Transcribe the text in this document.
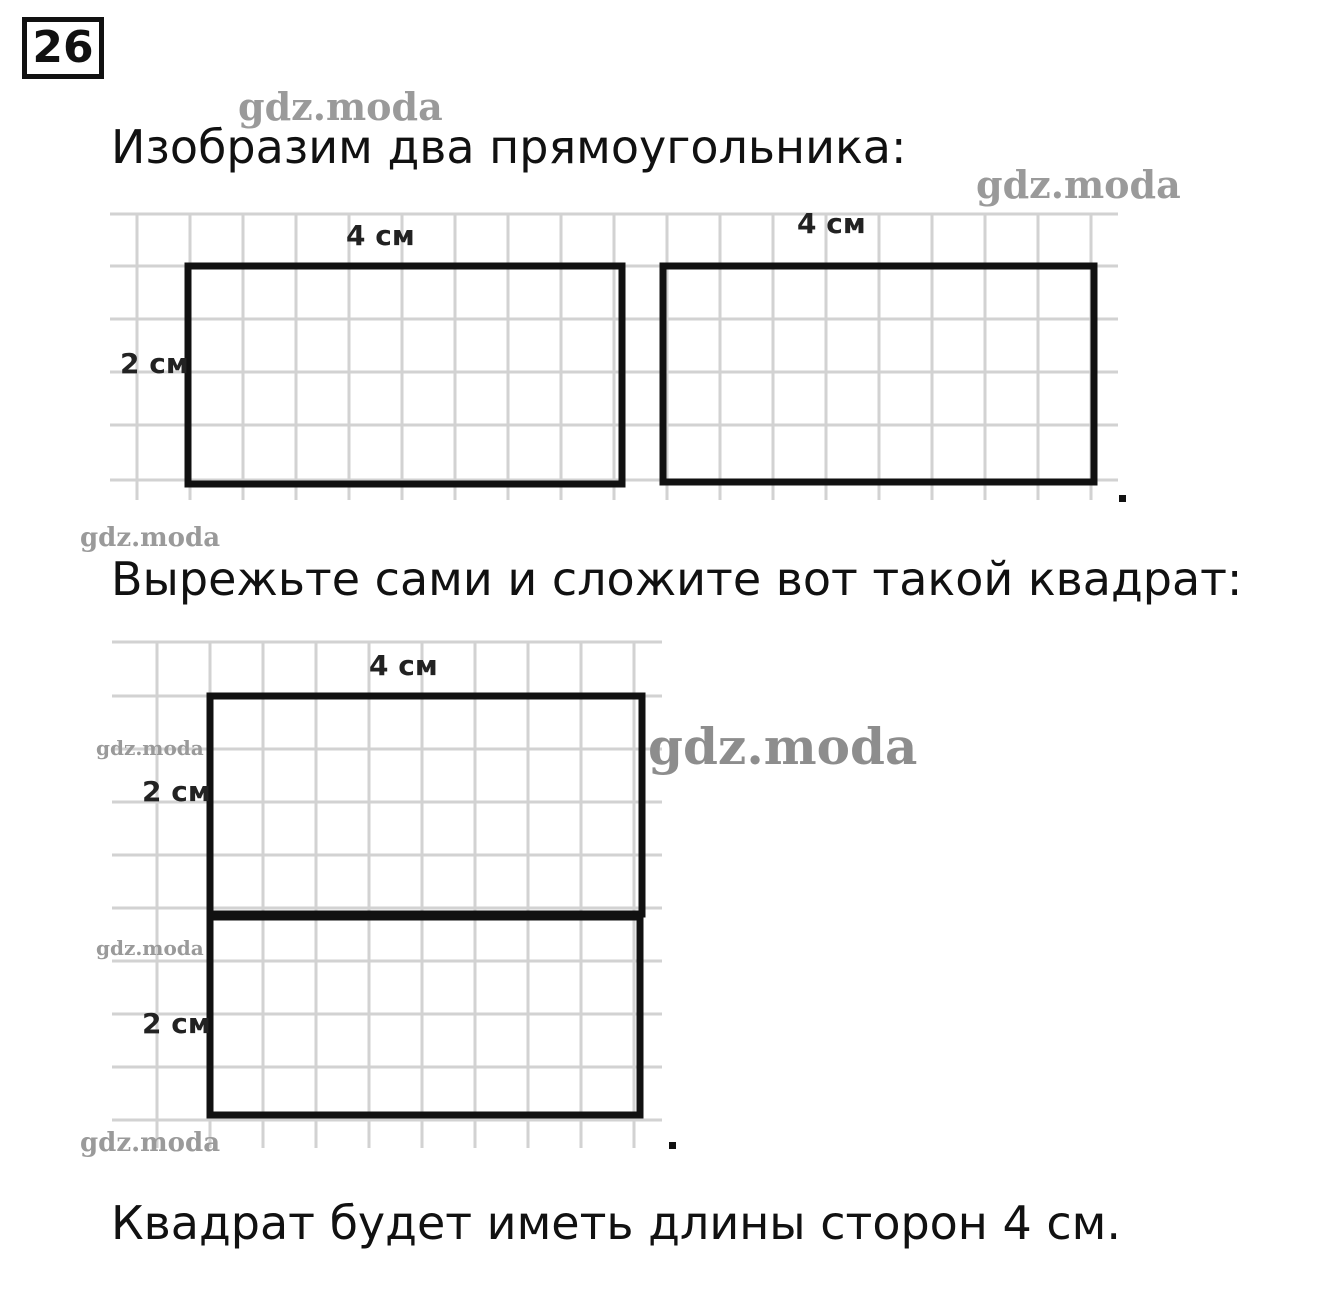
26
gdz.moda
Изобразим два прямоугольника:
gdz.moda
4 см
2 см
4 см
gdz.moda
Вырежьте сами и сложите вот такой квадрат:
4 см
2 см
2 см
gdz.moda
gdz.moda
gdz.moda
gdz.moda
Квадрат будет иметь длины сторон 4 см.
